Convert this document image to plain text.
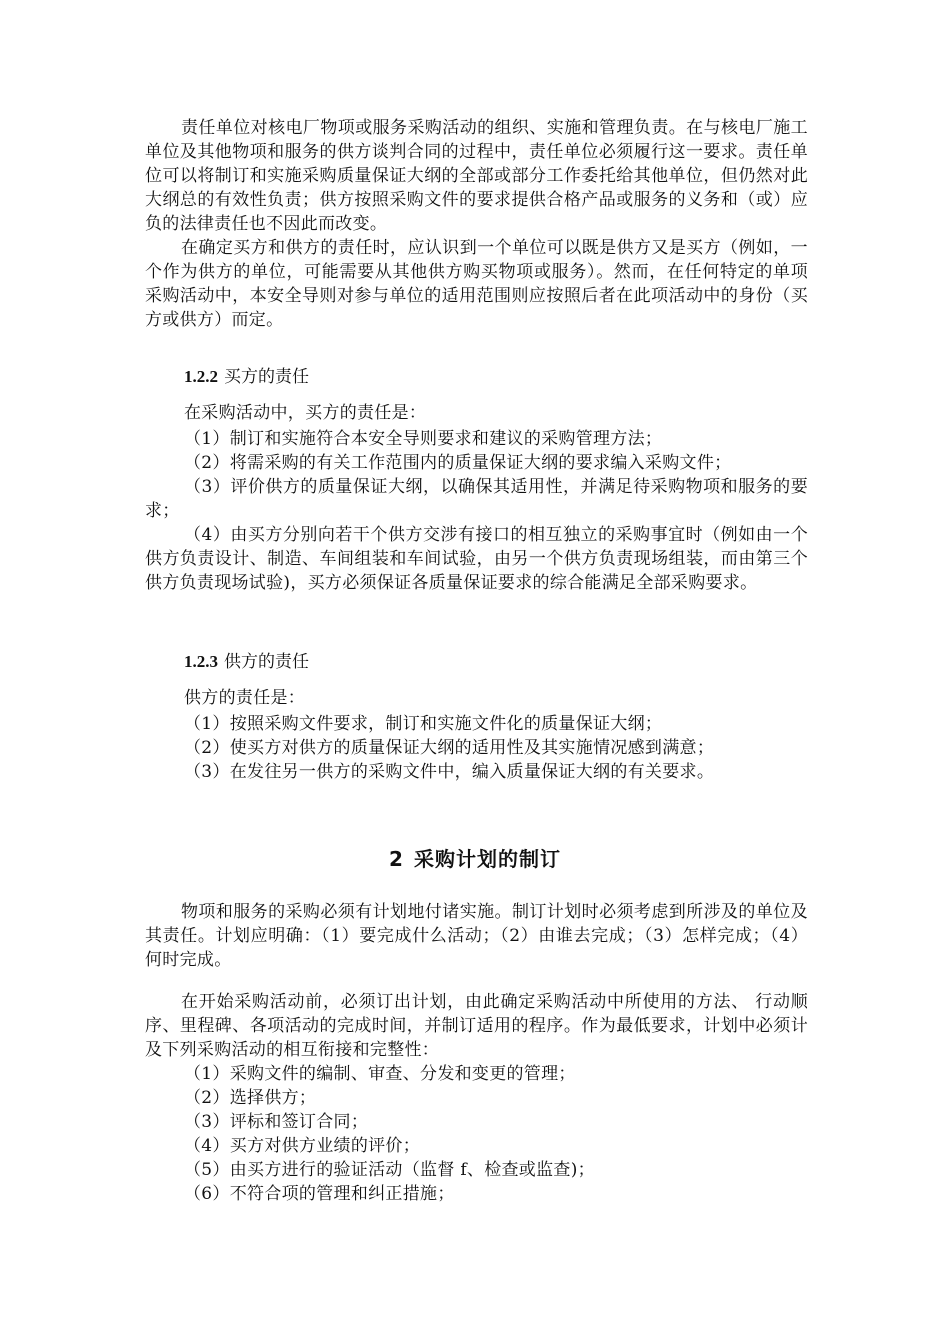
责任单位对核电厂物项或服务采购活动的组织、实施和管理负责。在与核电厂施工单位及其他物项和服务的供方谈判合同的过程中，责任单位必须履行这一要求。责任单位可以将制订和实施采购质量保证大纲的全部或部分工作委托给其他单位，但仍然对此大纲总的有效性负责；供方按照采购文件的要求提供合格产品或服务的义务和（或）应负的法律责任也不因此而改变。

在确定买方和供方的责任时，应认识到一个单位可以既是供方又是买方（例如，一个作为供方的单位，可能需要从其他供方购买物项或服务）。然而，在任何特定的单项采购活动中，本安全导则对参与单位的适用范围则应按照后者在此项活动中的身份（买方或供方）而定。

1.2.2 买方的责任

在采购活动中，买方的责任是：

（1）制订和实施符合本安全导则要求和建议的采购管理方法；

（2）将需采购的有关工作范围内的质量保证大纲的要求编入采购文件；

（3）评价供方的质量保证大纲，以确保其适用性，并满足待采购物项和服务的要求；

（4）由买方分别向若干个供方交涉有接口的相互独立的采购事宜时（例如由一个供方负责设计、制造、车间组装和车间试验，由另一个供方负责现场组装，而由第三个供方负责现场试验)，买方必须保证各质量保证要求的综合能满足全部采购要求。

1.2.3 供方的责任

供方的责任是：

（1）按照采购文件要求，制订和实施文件化的质量保证大纲；

（2）使买方对供方的质量保证大纲的适用性及其实施情况感到满意；

（3）在发往另一供方的采购文件中，编入质量保证大纲的有关要求。

2 采购计划的制订

物项和服务的采购必须有计划地付诸实施。制订计划时必须考虑到所涉及的单位及其责任。计划应明确：（1）要完成什么活动；（2）由谁去完成；（3）怎样完成；（4）何时完成。

在开始采购活动前，必须订出计划，由此确定采购活动中所使用的方法、 行动顺序、里程碑、各项活动的完成时间，并制订适用的程序。作为最低要求，计划中必须计及下列采购活动的相互衔接和完整性：

（1）采购文件的编制、审查、分发和变更的管理；

（2）选择供方；

（3）评标和签订合同；

（4）买方对供方业绩的评价；

（5）由买方进行的验证活动（监督 f、检查或监查)；

（6）不符合项的管理和纠正措施；
